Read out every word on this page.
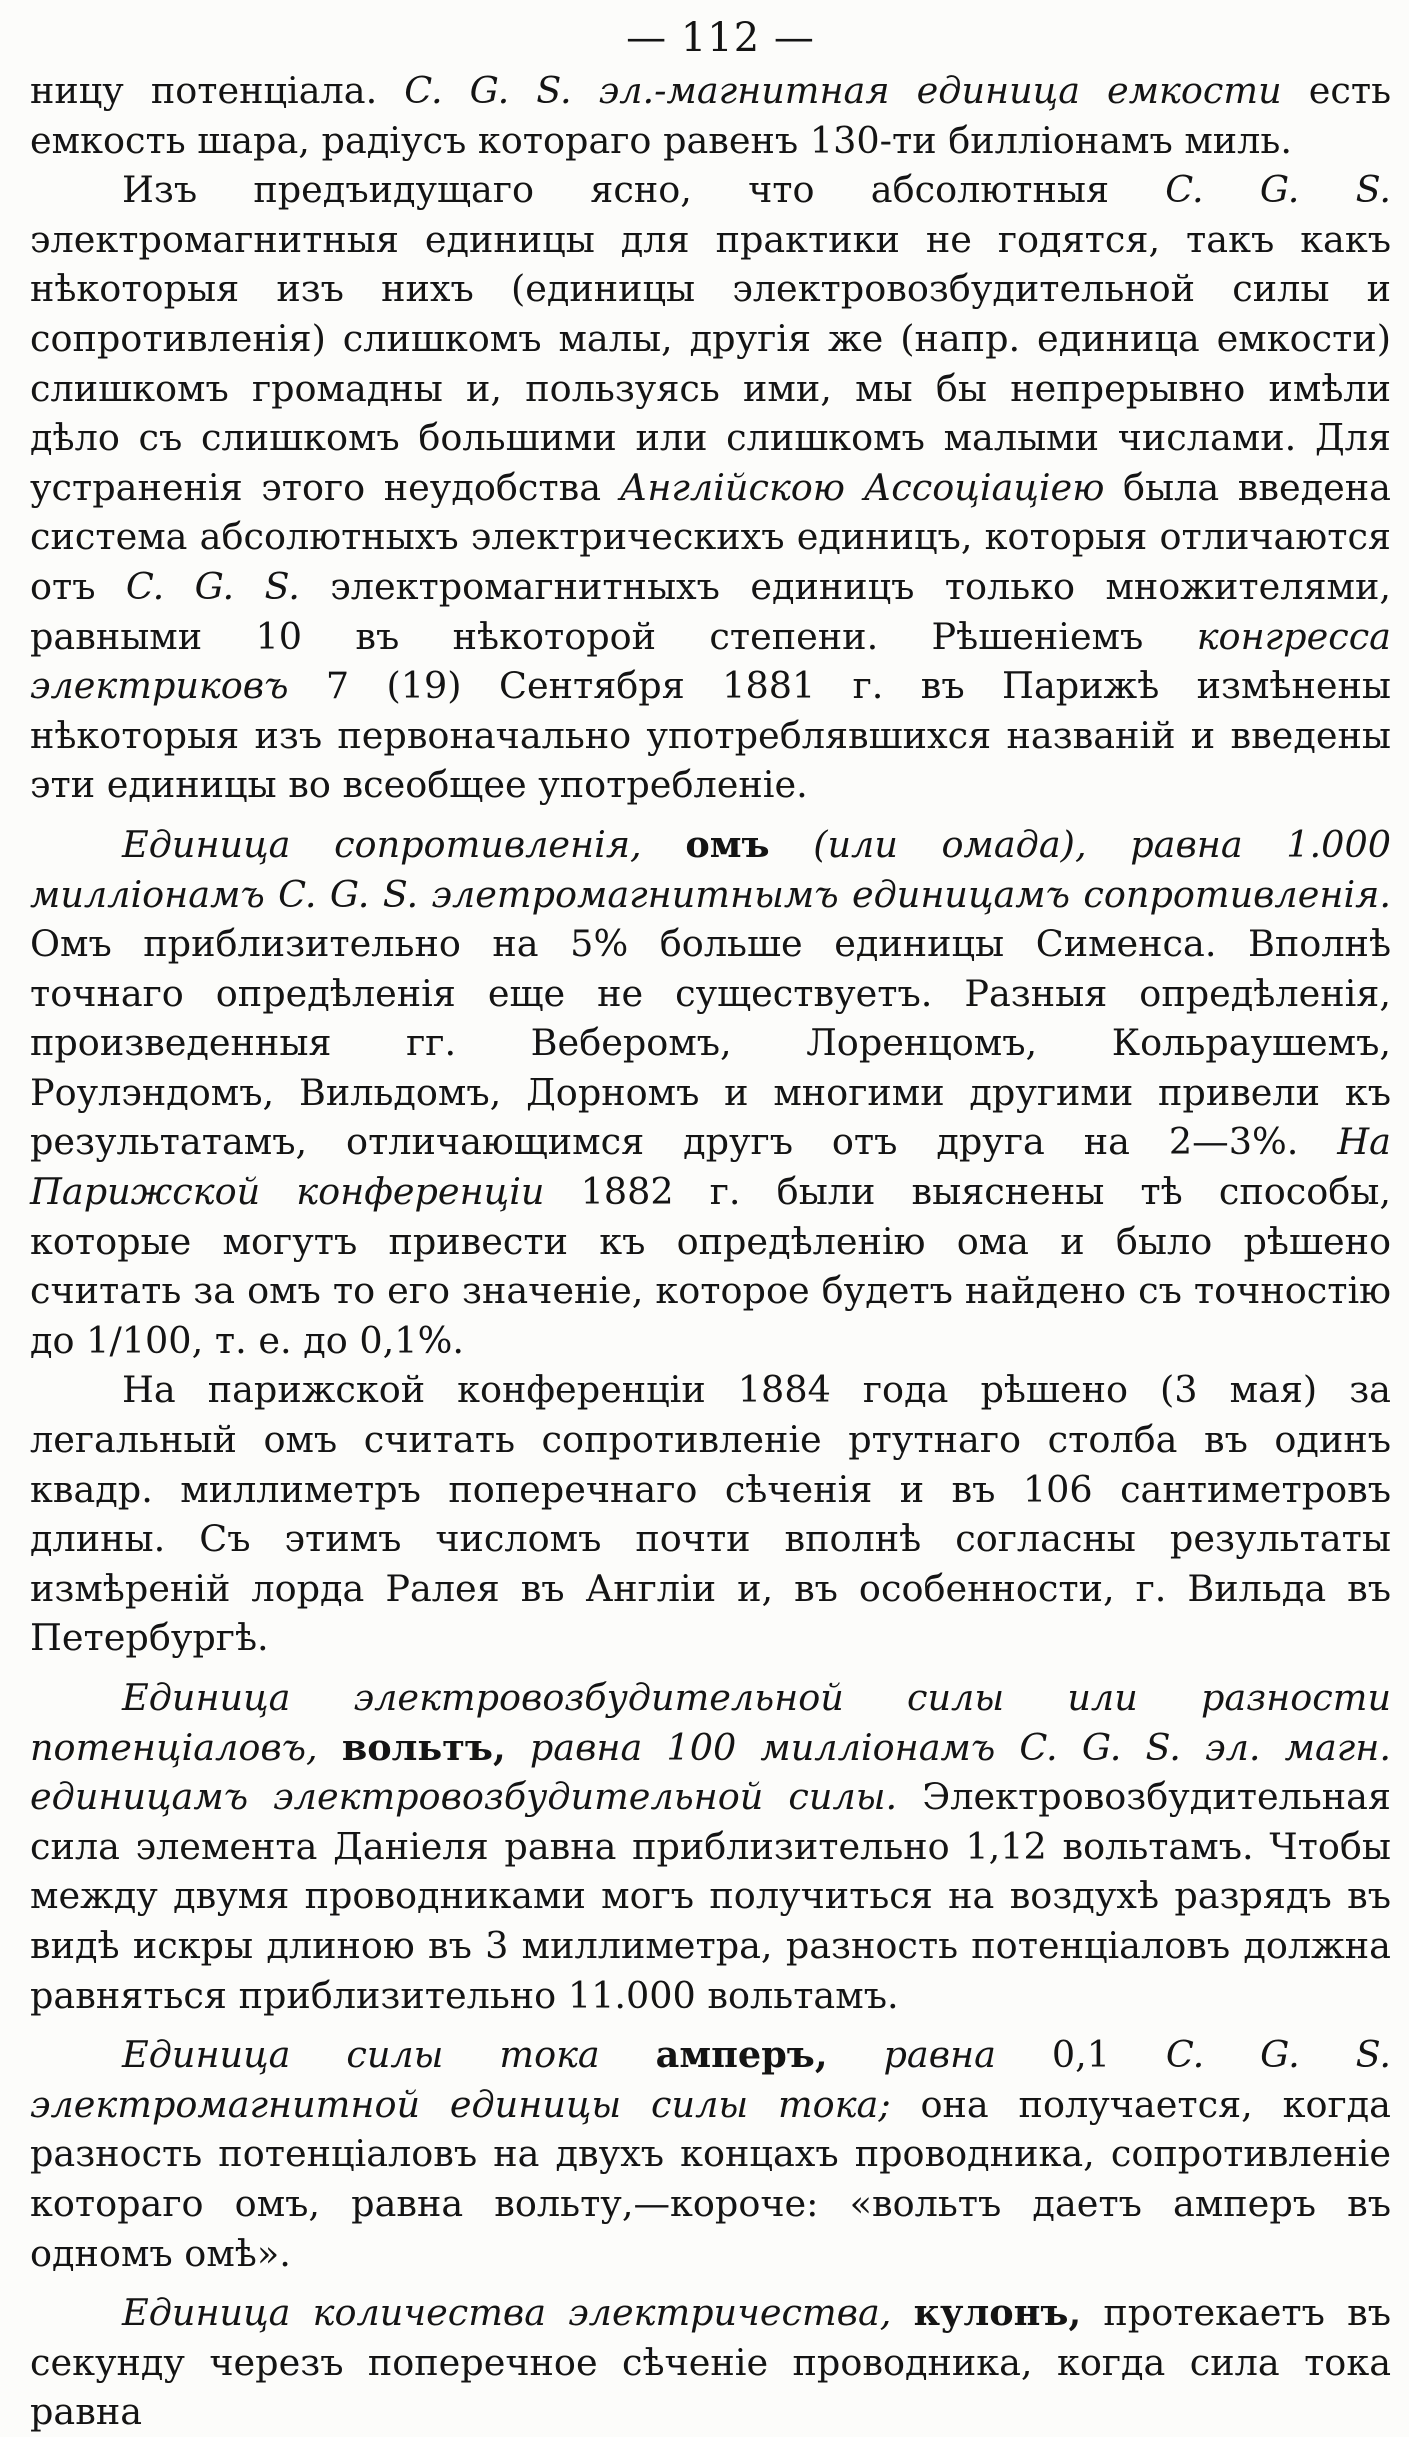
— 112 —

ницу потенціала. C. G. S. эл.-магнитная единица емкости есть емкость шара, радіусъ котораго равенъ 130-ти билліонамъ миль.

Изъ предъидущаго ясно, что абсолютныя C. G. S. электромагнитныя единицы для практики не годятся, такъ какъ нѣкоторыя изъ нихъ (единицы электровозбудительной силы и сопротивленія) слишкомъ малы, другія же (напр. единица емкости) слишкомъ громадны и, пользуясь ими, мы бы непрерывно имѣли дѣло съ слишкомъ большими или слишкомъ малыми числами. Для устраненія этого неудобства Англійскою Ассоціаціею была введена система абсолютныхъ электрическихъ единицъ, которыя отличаются отъ C. G. S. электромагнитныхъ единицъ только множителями, равными 10 въ нѣкоторой степени. Рѣшеніемъ конгресса электриковъ 7 (19) Сентября 1881 г. въ Парижѣ измѣнены нѣкоторыя изъ первоначально употреблявшихся названій и введены эти единицы во всеобщее употребленіе.

Единица сопротивленія, омъ (или омада), равна 1.000 милліонамъ C. G. S. элетромагнитнымъ единицамъ сопротивленія. Омъ приблизительно на 5% больше единицы Сименса. Вполнѣ точнаго опредѣленія еще не существуетъ. Разныя опредѣленія, произведенныя гг. Веберомъ, Лоренцомъ, Кольраушемъ, Роулэндомъ, Вильдомъ, Дорномъ и многими другими привели къ результатамъ, отличающимся другъ отъ друга на 2—3%. На Парижской конференціи 1882 г. были выяснены тѣ способы, которые могутъ привести къ опредѣленію ома и было рѣшено считать за омъ то его значеніе, которое будетъ найдено съ точностію до 1/100, т. е. до 0,1%.

На парижской конференціи 1884 года рѣшено (3 мая) за легальный омъ считать сопротивленіе ртутнаго столба въ одинъ квадр. миллиметръ поперечнаго сѣченія и въ 106 сантиметровъ длины. Съ этимъ числомъ почти вполнѣ согласны результаты измѣреній лорда Ралея въ Англіи и, въ особенности, г. Вильда въ Петербургѣ.

Единица электровозбудительной силы или разности потенціаловъ, вольтъ, равна 100 милліонамъ C. G. S. эл. магн. единицамъ электровозбудительной силы. Электровозбудительная сила элемента Даніеля равна приблизительно 1,12 вольтамъ. Чтобы между двумя проводниками могъ получиться на воздухѣ разрядъ въ видѣ искры длиною въ 3 миллиметра, разность потенціаловъ должна равняться приблизительно 11.000 вольтамъ.

Единица силы тока амперъ, равна 0,1 C. G. S. электромагнитной единицы силы тока; она получается, когда разность потенціаловъ на двухъ концахъ проводника, сопротивленіе котораго омъ, равна вольту,—короче: «вольтъ даетъ амперъ въ одномъ омѣ».

Единица количества электричества, кулонъ, протекаетъ въ секунду черезъ поперечное сѣченіе проводника, когда сила тока равна
